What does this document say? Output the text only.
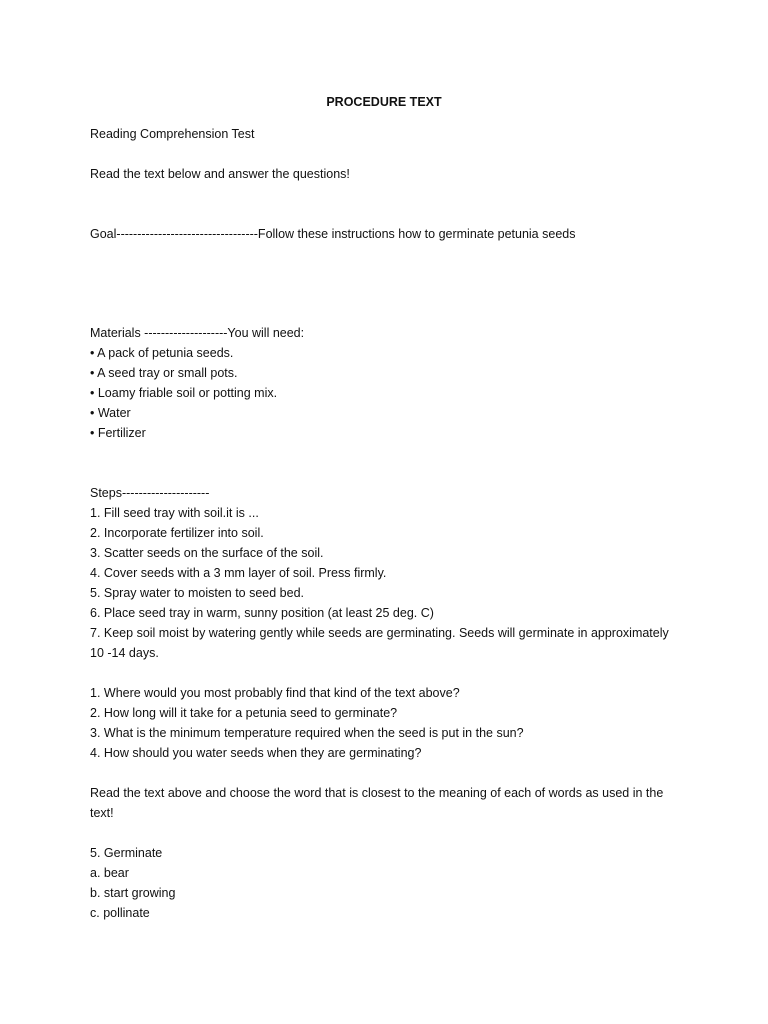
PROCEDURE TEXT
Reading Comprehension Test
Read the text below and answer the questions!
Goal----------------------------------Follow these instructions how to germinate petunia seeds
Materials --------------------You will need:
• A pack of petunia seeds.
• A seed tray or small pots.
• Loamy friable soil or potting mix.
• Water
• Fertilizer
Steps---------------------
1. Fill seed tray with soil.it is ...
2. Incorporate fertilizer into soil.
3. Scatter seeds on the surface of the soil.
4. Cover seeds with a 3 mm layer of soil. Press firmly.
5. Spray water to moisten to seed bed.
6. Place seed tray in warm, sunny position (at least 25 deg. C)
7. Keep soil moist by watering gently while seeds are germinating. Seeds will germinate in approximately
10 -14 days.
1. Where would you most probably find that kind of the text above?
2. How long will it take for a petunia seed to germinate?
3. What is the minimum temperature required when the seed is put in the sun?
4. How should you water seeds when they are germinating?
Read the text above and choose the word that is closest to the meaning of each of words as used in the
text!
5. Germinate
a. bear
b. start growing
c. pollinate
